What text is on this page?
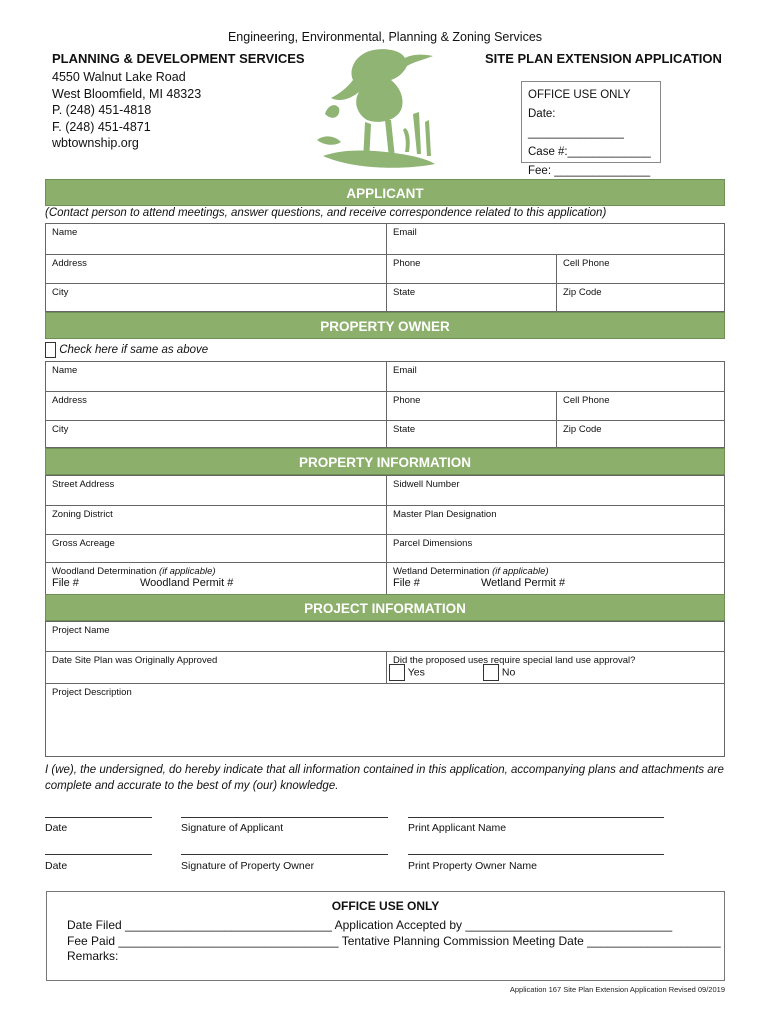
Engineering, Environmental, Planning & Zoning Services
PLANNING & DEVELOPMENT SERVICES	SITE PLAN EXTENSION APPLICATION
4550 Walnut Lake Road
West Bloomfield, MI 48323
P. (248) 451-4818
F. (248) 451-4871
wbtownship.org
OFFICE USE ONLY
Date: _______________
Case #:_____________
Fee: _______________
APPLICANT
(Contact person to attend meetings, answer questions, and receive correspondence related to this application)
Name	Email
Address	Phone	Cell Phone
City	State	Zip Code
PROPERTY OWNER
Check here if same as above
Name	Email
Address	Phone	Cell Phone
City	State	Zip Code
PROPERTY INFORMATION
Street Address	Sidwell Number
Zoning District	Master Plan Designation
Gross Acreage	Parcel Dimensions
Woodland Determination (if applicable)
File #	Woodland Permit #
Wetland Determination (if applicable)
File #	Wetland Permit #
PROJECT INFORMATION
Project Name
Date Site Plan was Originally Approved	Did the proposed uses require special land use approval?
Yes	No
Project Description
I (we), the undersigned, do hereby indicate that all information contained in this application, accompanying plans and attachments are complete and accurate to the best of my (our) knowledge.
Date	Signature of Applicant	Print Applicant Name
Date	Signature of Property Owner	Print Property Owner Name
OFFICE USE ONLY
Date Filed _______________________________ Application Accepted by _______________________________
Fee Paid _________________________________ Tentative Planning Commission Meeting Date ____________________
Remarks:
Application 167 Site Plan Extension Application Revised 09/2019
